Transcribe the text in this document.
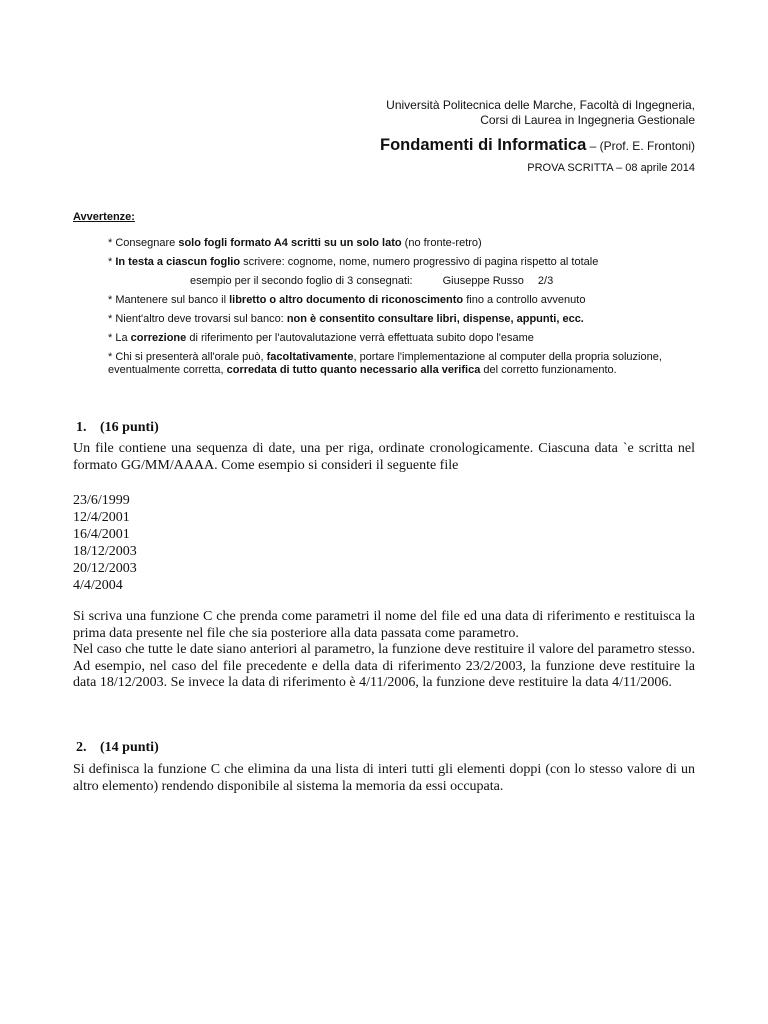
Università Politecnica delle Marche, Facoltà di Ingegneria,
Corsi di Laurea in Ingegneria Gestionale
Fondamenti di Informatica – (Prof. E. Frontoni)
PROVA SCRITTA – 08 aprile 2014
Avvertenze:
* Consegnare solo fogli formato A4 scritti su un solo lato (no fronte-retro)
* In testa a ciascun foglio scrivere: cognome, nome, numero progressivo di pagina rispetto al totale
esempio per il secondo foglio di 3 consegnati:	Giuseppe Russo 2/3
* Mantenere sul banco il libretto o altro documento di riconoscimento fino a controllo avvenuto
* Nient'altro deve trovarsi sul banco: non è consentito consultare libri, dispense, appunti, ecc.
* La correzione di riferimento per l'autovalutazione verrà effettuata subito dopo l'esame
* Chi si presenterà all'orale può, facoltativamente, portare l'implementazione al computer della propria soluzione, eventualmente corretta, corredata di tutto quanto necessario alla verifica del corretto funzionamento.
1. (16 punti)
Un file contiene una sequenza di date, una per riga, ordinate cronologicamente. Ciascuna data `e scritta nel formato GG/MM/AAAA. Come esempio si consideri il seguente file
23/6/1999
12/4/2001
16/4/2001
18/12/2003
20/12/2003
4/4/2004
Si scriva una funzione C che prenda come parametri il nome del file ed una data di riferimento e restituisca la prima data presente nel file che sia posteriore alla data passata come parametro.
Nel caso che tutte le date siano anteriori al parametro, la funzione deve restituire il valore del parametro stesso.
Ad esempio, nel caso del file precedente e della data di riferimento 23/2/2003, la funzione deve restituire la data 18/12/2003. Se invece la data di riferimento è 4/11/2006, la funzione deve restituire la data 4/11/2006.
2. (14 punti)
Si definisca la funzione C che elimina da una lista di interi tutti gli elementi doppi (con lo stesso valore di un altro elemento) rendendo disponibile al sistema la memoria da essi occupata.
